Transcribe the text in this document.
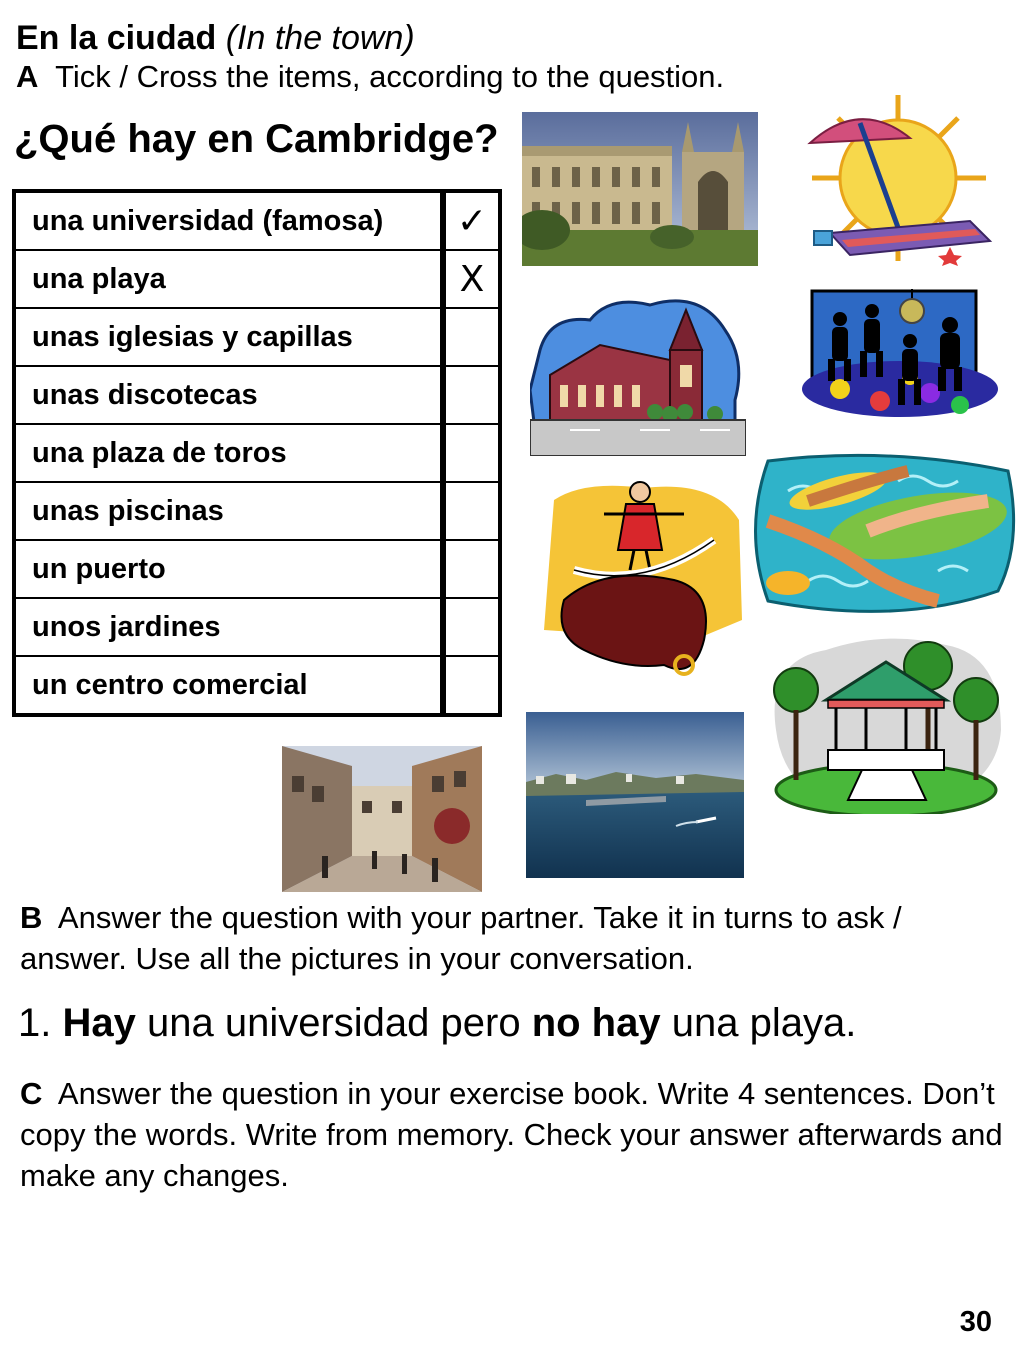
En la ciudad (In the town)
A Tick / Cross the items, according to the question.
¿Qué hay en Cambridge?
una universidad (famosa)	✓
una playa	X
unas iglesias y capillas	
unas discotecas	
una plaza de toros	
unas piscinas	
un puerto	
unos jardines	
un centro comercial	
B Answer the question with your partner. Take it in turns to ask / answer. Use all the pictures in your conversation.
1. Hay una universidad pero no hay una playa.
C Answer the question in your exercise book. Write 4 sentences. Don’t copy the words. Write from memory. Check your answer afterwards and make any changes.
30
